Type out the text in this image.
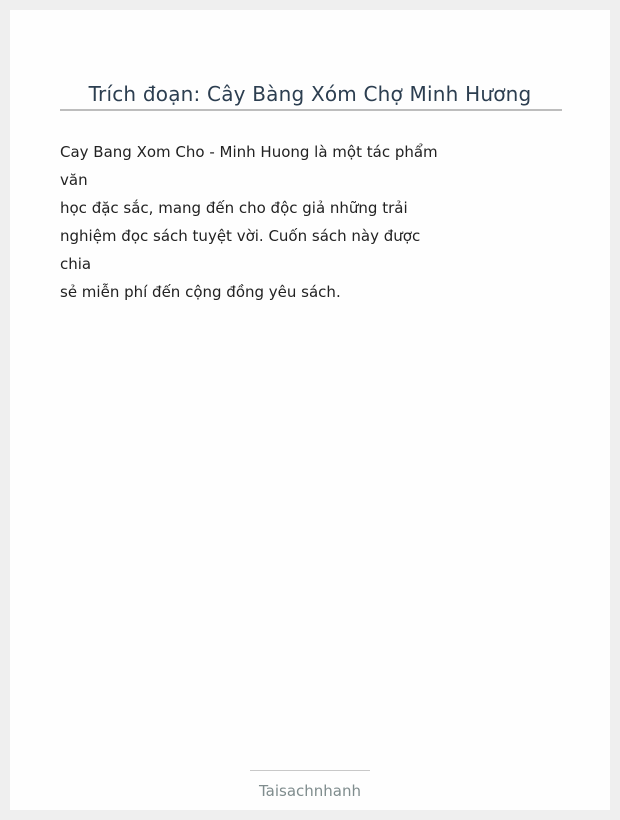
Trích đoạn: Cây Bàng Xóm Chợ Minh Hương
Cay Bang Xom Cho - Minh Huong là một tác phẩm
văn
học đặc sắc, mang đến cho độc giả những trải
nghiệm đọc sách tuyệt vời. Cuốn sách này được
chia
sẻ miễn phí đến cộng đồng yêu sách.
Taisachnhanh
